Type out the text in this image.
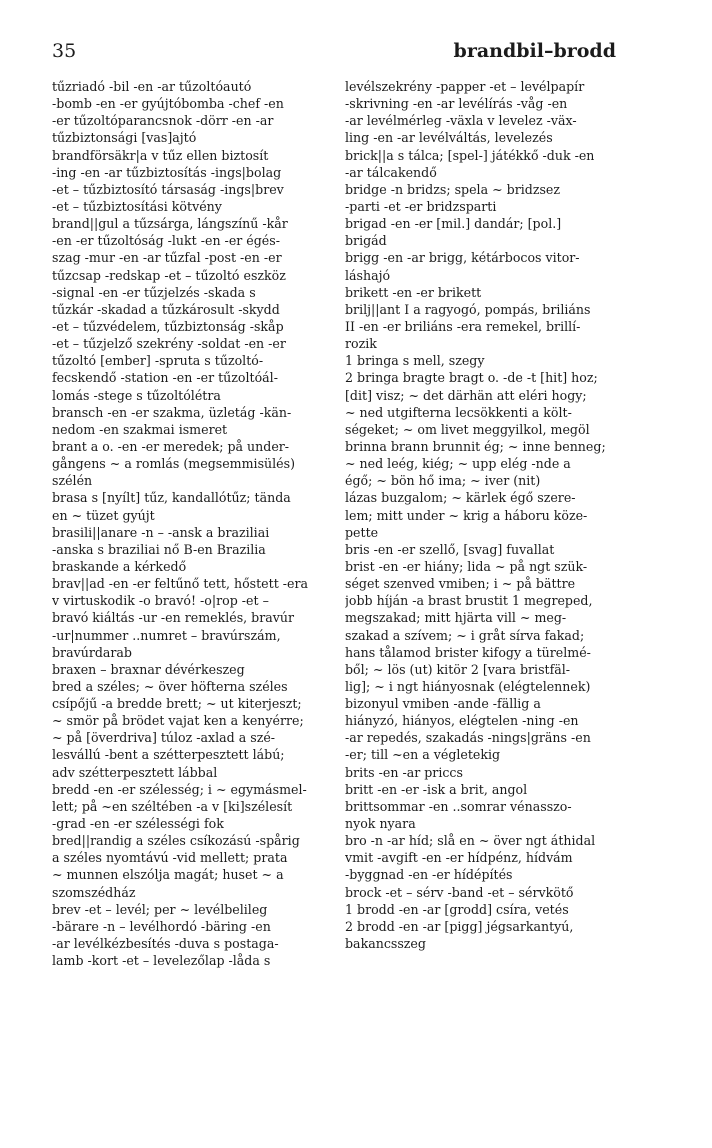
35	brandbil–brodd
tűzriadó -bil -en -ar tűzoltóautó
-bomb -en -er gyújtóbomba -chef -en
-er tűzoltóparancsnok -dörr -en -ar
tűzbiztonsági [vas]ajtó
brandförsäkr|a v tűz ellen biztosít
-ing -en -ar tűzbiztosítás -ings|bolag
-et – tűzbiztosító társaság -ings|brev
-et – tűzbiztosítási kötvény
brand||gul a tűzsárga, lángszínű -kår
-en -er tűzoltóság -lukt -en -er égés-
szag -mur -en -ar tűzfal -post -en -er
tűzcsap -redskap -et – tűzoltó eszköz
-signal -en -er tűzjelzés -skada s
tűzkár -skadad a tűzkárosult -skydd
-et – tűzvédelem, tűzbiztonság -skåp
-et – tűzjelző szekrény -soldat -en -er
tűzoltó [ember] -spruta s tűzoltó-
fecskendő -station -en -er tűzoltóál-
lomás -stege s tűzoltólétra
bransch -en -er szakma, üzletág -kän-
nedom -en szakmai ismeret
brant a o. -en -er meredek; på under-
gångens ~ a romlás (megsemmisülés)
szélén
brasa s [nyílt] tűz, kandallótűz; tända
en ~ tüzet gyújt
brasili||anare -n – -ansk a braziliai
-anska s braziliai nő B-en Brazilia
braskande a kérkedő
brav||ad -en -er feltűnő tett, hőstett -era
v virtuskodik -o bravó! -o|rop -et –
bravó kiáltás -ur -en remeklés, bravúr
-ur|nummer ..numret – bravúrszám,
bravúrdarab
braxen – braxnar dévérkeszeg
bred a széles; ~ över höfterna széles
csípőjű -a bredde brett; ~ ut kiterjeszt;
~ smör på brödet vajat ken a kenyérre;
~ på [överdriva] túloz -axlad a szé-
lesvállú -bent a szétterpesztett lábú;
adv szétterpesztett lábbal
bredd -en -er szélesség; i ~ egymásmel-
lett; på ~en széltében -a v [ki]szélesít
-grad -en -er szélességi fok
bred||randig a széles csíkozású -spårig
a széles nyomtávú -vid mellett; prata
~ munnen elszólja magát; huset ~ a
szomszédház
brev -et – levél; per ~ levélbelileg
-bärare -n – levélhordó -bäring -en
-ar levélkézbesítés -duva s postaga-
lamb -kort -et – levelezőlap -låda s
levélszekrény -papper -et – levélpapír
-skrivning -en -ar levélírás -våg -en
-ar levélmérleg -växla v levelez -väx-
ling -en -ar levélváltás, levelezés
brick||a s tálca; [spel-] játékkő -duk -en
-ar tálcakendő
bridge -n bridzs; spela ~ bridzsez
-parti -et -er bridzsparti
brigad -en -er [mil.] dandár; [pol.]
brigád
brigg -en -ar brigg, kétárbocos vitor-
láshajó
brikett -en -er brikett
brilj||ant I a ragyogó, pompás, briliáns
II -en -er briliáns -era remekel, brillí-
rozik
1 bringa s mell, szegy
2 bringa bragte bragt o. -de -t [hit] hoz;
[dit] visz; ~ det därhän att eléri hogy;
~ ned utgifterna lecsökkenti a költ-
ségeket; ~ om livet meggyilkol, megöl
brinna brann brunnit ég; ~ inne benneg;
~ ned leég, kiég; ~ upp elég -nde a
égő; ~ bön hő ima; ~ iver (nit)
lázas buzgalom; ~ kärlek égő szere-
lem; mitt under ~ krig a háboru köze-
pette
bris -en -er szellő, [svag] fuvallat
brist -en -er hiány; lida ~ på ngt szük-
séget szenved vmiben; i ~ på bättre
jobb híján -a brast brustit 1 megreped,
megszakad; mitt hjärta vill ~ meg-
szakad a szívem; ~ i gråt sírva fakad;
hans tålamod brister kifogy a türelmé-
ből; ~ lös (ut) kitör 2 [vara bristfäl-
lig]; ~ i ngt hiányosnak (elégtelennek)
bizonyul vmiben -ande -fällig a
hiányzó, hiányos, elégtelen -ning -en
-ar repedés, szakadás -nings|gräns -en
-er; till ~en a végletekig
brits -en -ar priccs
britt -en -er -isk a brit, angol
brittsommar -en ..somrar vénasszo-
nyok nyara
bro -n -ar híd; slå en ~ över ngt áthidal
vmit -avgift -en -er hídpénz, hídvám
-byggnad -en -er hídépítés
brock -et – sérv -band -et – sérvkötő
1 brodd -en -ar [grodd] csíra, vetés
2 brodd -en -ar [pigg] jégsarkantyú,
bakancsszeg
